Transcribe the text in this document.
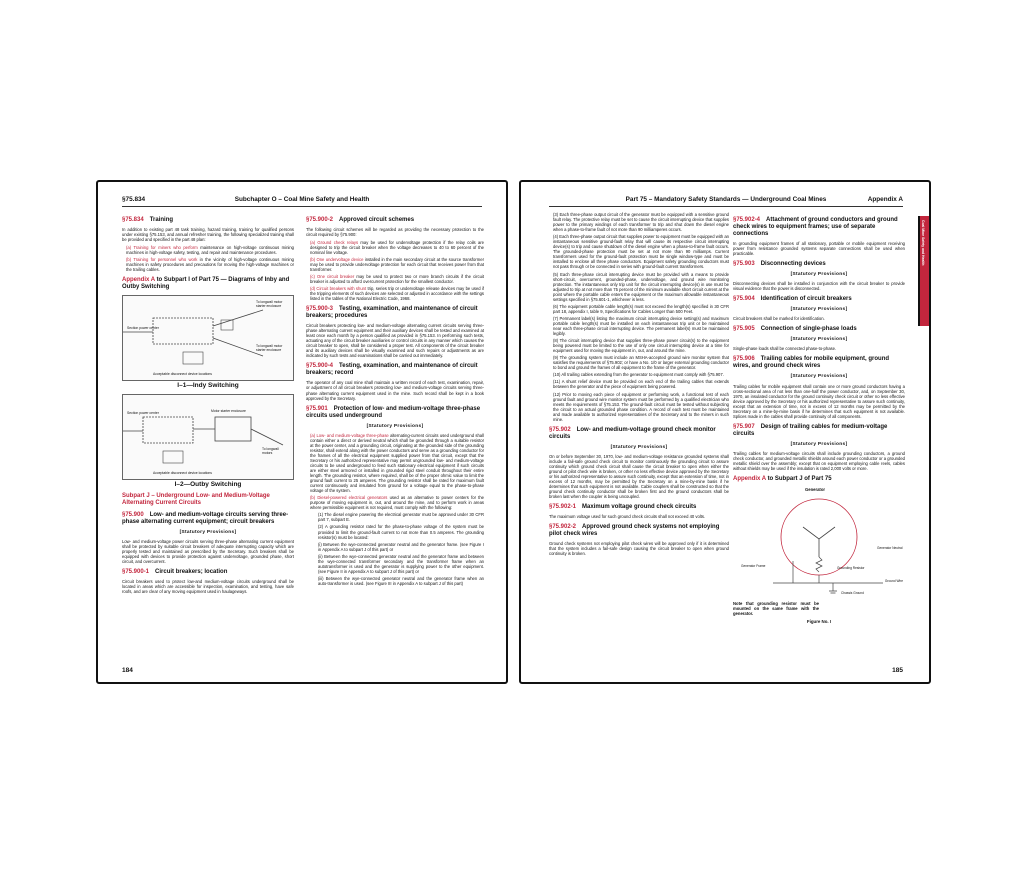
§75.834	Subchapter O – Coal Mine Safety and Health
§75.834 Training

In addition to existing part 48 task training, hazard training, training for qualified persons under existing §75.153, and annual refresher training, the following specialized training shall be provided and specified in the part 48 plan:

(a) Training for miners who perform maintenance on high-voltage continuous mining machines in high-voltage safety, testing, and repair and maintenance procedures.

(b) Training for personnel who work in the vicinity of high-voltage continuous mining machines in safety procedures and precautions for moving the high-voltage machines or the trailing cables.

Appendix A to Subpart I of Part 75 — Diagrams of Inby and Outby Switching
To longwall motor starter enclosure
Section power center
To longwall motor starter enclosure
Acceptable disconnect device locations
I–1—Indy Switching
Section power center	Motor starter enclosure
To longwall motors
Acceptable disconnect device locations
I–2—Outby Switching
Subpart J – Underground Low- and Medium-Voltage Alternating Current Circuits
§75.900 Low- and medium-voltage circuits serving three-phase alternating current equipment; circuit breakers
[Statutory Provisions]

Low- and medium-voltage power circuits serving three-phase alternating current equipment shall be protected by suitable circuit breakers of adequate interrupting capacity which are properly tested and maintained as prescribed by the Secretary. Such breakers shall be equipped with devices to provide protection against undervoltage, grounded phase, short circuit, and overcurrent.

§75.900-1 Circuit breakers; location

Circuit breakers used to protect low-and medium-voltage circuits underground shall be located in areas which are accessible for inspection, examination, and testing, have safe roofs, and are clear of any moving equipment used in haulageways.

§75.900-2 Approved circuit schemes

The following circuit schemes will be regarded as providing the necessary protection to the circuit required by §75.900:

(a) Ground check relays may be used for undervoltage protection if the relay coils are designed to trip the circuit breaker when the voltage decreases to 40 to 60 percent of the nominal line voltage.

(b) One undervoltage device installed in the main secondary circuit at the source transformer may be used to provide undervoltage protection for each circuit that receives power from that transformer.

(c) One circuit breaker may be used to protect two or more branch circuits if the circuit breaker is adjusted to afford overcurrent protection for the smallest conductor.

(d) Circuit breakers with shunt trip, series trip or undervoltage release devices may be used if the tripping elements of such devices are selected or adjusted in accordance with the settings listed in the tables of the National Electric Code, 1968.

§75.900-3 Testing, examination, and maintenance of circuit breakers; procedures

Circuit breakers protecting low- and medium-voltage alternating current circuits serving three-phase alternating current equipment and their auxiliary devices shall be tested and examined at least once each month by a person qualified as provided in §75.153. In performing such tests, actuating any of the circuit breaker auxiliaries or control circuits in any manner which causes the circuit breaker to open, shall be considered a proper test. All components of the circuit breaker and its auxiliary devices shall be visually examined and such repairs or adjustments as are indicated by such tests and examinations shall be carried out immediately.

§75.900-4 Testing, examination, and maintenance of circuit breakers; record

The operator of any coal mine shall maintain a written record of each test, examination, repair, or adjustment of all circuit breakers protecting low- and medium-voltage circuits serving three-phase alternating current equipment used in the mine. Such record shall be kept in a book approved by the Secretary.

§75.901 Protection of low- and medium-voltage three-phase circuits used underground
[Statutory Provisions]

(a) Low- and medium-voltage three-phase alternating-current circuits used underground shall contain either a direct or derived neutral which shall be grounded through a suitable resistor at the power center, and a grounding circuit, originating at the grounded side of the grounding resistor, shall extend along with the power conductors and serve as a grounding conductor for the frames of all the electrical equipment supplied power from that circuit, except that the Secretary or his authorized representative may permit ungrounded low- and medium-voltage circuits to be used underground to feed such stationary electrical equipment if such circuits are either steel armored or installed in grounded rigid steel conduit throughout their entire length. The grounding resistor, where required, shall be of the proper ohmic value to limit the ground fault current to 25 amperes. The grounding resistor shall be rated for maximum fault current continuously and insulated from ground for a voltage equal to the phase-to-phase voltage of the system.

(b) Diesel-powered electrical generators used as an alternative to power centers for the purpose of moving equipment in, out, and around the mine, and to perform work in areas where permissible equipment is not required, must comply with the following:

(1) The diesel engine powering the electrical generator must be approved under 30 CFR part 7, subpart E.

(2) A grounding resistor rated for the phase-to-phase voltage of the system must be provided to limit the ground-fault current to not more than 0.5 amperes. The grounding resistor(s) must be located:

(i) Between the wye-connected generator neutral and the generator frame. (see Figure I in Appendix A to subpart J of this part) or

(ii) Between the wye-connected generator neutral and the generator frame and between the wye-connected transformer secondary and the transformer frame when an autotransformer is used and the generator is supplying power to the other equipment. (see Figure II in Appendix A to subpart J of this part) or

(iii) Between the wye-connected generator neutral and the generator frame when an auto-transformer is used. (see Figure III in Appendix A to subpart J of this part)

184
Part 75 – Mandatory Safety Standards — Underground Coal Mines	Appendix A
Coal Mine Safety and Health

(3) Each three-phase output circuit of the generator must be equipped with a sensitive ground fault relay. The protective relay must be set to cause the circuit interrupting device that supplies power to the primary windings of each transformer to trip and shut down the diesel engine when a phase-to-frame fault of not more than 90 milliamperes occurs.

(4) Each three-phase output circuit that supplies power to equipment must be equipped with an instantaneous sensitive ground-fault relay that will cause its respective circuit interrupting device(s) to trip and cause shutdown of the diesel engine when a phase-to-frame fault occurs. The grounded-phase protection must be set at not more than 90 milliamps. Current transformers used for the ground-fault protection must be single window-type and must be installed to enclose all three phase conductors. Equipment safety grounding conductors must not pass through or be connected in series with ground-fault current transformers.

(5) Each three-phase circuit interrupting device must be provided with a means to provide short-circuit, overcurrent, grounded-phase, undervoltage, and ground wire monitoring protection. The instantaneous only trip unit for the circuit interrupting device(s) in use must be adjusted to trip at not more than 75 percent of the minimum available short circuit current at the point where the portable cable enters the equipment or the maximum allowable instantaneous settings specified in §75.601-1, whichever is less.

(6) The equipment portable cable length(s) must not exceed the length(s) specified in 30 CFR part 18, appendix I, table 9, Specifications for Cables Longer than 500 Feet.

(7) Permanent label(s) listing the maximum circuit interrupting device setting(s) and maximum portable cable length(s) must be installed on each instantaneous trip unit or be maintained near each three-phase circuit interrupting device. The permanent label(s) must be maintained legibly.

(8) The circuit interrupting device that supplies three-phase power circuit(s) to the equipment being powered must be limited to the use of only one circuit interrupting device at a time for equipment used for moving the equipment in, out, and around the mine.

(9) The grounding system must include an MSHA-accepted ground wire monitor system that satisfies the requirements of §75.902; or have a No. 1/0 or larger external grounding conductor to bond and ground the frames of all equipment to the frame of the generator.

(10) All trailing cables extending from the generator to equipment must comply with §75.907.

(11) A shunt relief device must be provided on each end of the trailing cables that extends between the generator and the piece of equipment being powered.

(12) Prior to moving each piece of equipment or performing work, a functional test of each ground fault and ground wire monitor system must be performed by a qualified electrician who meets the requirements of §75.153. The ground-fault circuit must be tested without subjecting the circuit to an actual grounded phase condition. A record of each test must be maintained and made available to authorized representatives of the Secretary and to the miners in such mine.

§75.902 Low- and medium-voltage ground check monitor circuits
[Statutory Provisions]

On or before September 30, 1970, low- and medium-voltage resistance grounded systems shall include a fail-safe ground check circuit to monitor continuously the grounding circuit to assure continuity which ground check circuit shall cause the circuit breaker to open when either the ground or pilot check wire is broken, or other no less effective device approved by the Secretary or his authorized representative to assure such continuity, except that an extension of time, not in excess of 12 months, may be permitted by the Secretary on a mine-by-mine basis if he determines that such equipment is not available. Cable couplers shall be constructed so that the ground check continuity conductor shall be broken first and the ground conductors shall be broken last when the coupler is being uncoupled.

§75.902-1 Maximum voltage ground check circuits

The maximum voltage used for such ground check circuits shall not exceed 40 volts.

§75.902-2 Approved ground check systems not employing pilot check wires

Ground check systems not employing pilot check wires will be approved only if it is determined that the system includes a fail-safe design causing the circuit breaker to open when ground continuity is broken.

§75.902-4 Attachment of ground conductors and ground check wires to equipment frames; use of separate connections

In grounding equipment frames of all stationary, portable or mobile equipment receiving power from resistance grounded systems separate connections shall be used when practicable.

§75.903 Disconnecting devices
[Statutory Provisions]

Disconnecting devices shall be installed in conjunction with the circuit breaker to provide visual evidence that the power is disconnected.

§75.904 Identification of circuit breakers
[Statutory Provisions]

Circuit breakers shall be marked for identification.

§75.905 Connection of single-phase loads
[Statutory Provisions]

Single-phase loads shall be connected phase-to-phase.

§75.906 Trailing cables for mobile equipment, ground wires, and ground check wires
[Statutory Provisions]

Trailing cables for mobile equipment shall contain one or more ground conductors having a cross-sectional area of not less than one-half the power conductor, and, on September 30, 1970, an insulated conductor for the ground continuity check circuit or other no less effective device approved by the Secretary or his authorized representative to assure such continuity, except that an extension of time, not in excess of 12 months may be permitted by the Secretary on a mine-by-mine basis if he determines that such equipment is not available. Splices made in the cables shall provide continuity of all components.

§75.907 Design of trailing cables for medium-voltage circuits
[Statutory Provisions]

Trailing cables for medium-voltage circuits shall include grounding conductors, a ground check conductor, and grounded metallic shields around each power conductor or a grounded metallic shield over the assembly; except that on equipment employing cable reels, cables without shields may be used if the insulation is rated 2,000 volts or more.

Appendix A to Subpart J of Part 75
Generator
Generator Neutral
Generator Frame	Grounding Resistor
Ground Wire
Chassis Ground

Note that grounding resistor must be mounted on the same frame with the generator.

Figure No. I
185
